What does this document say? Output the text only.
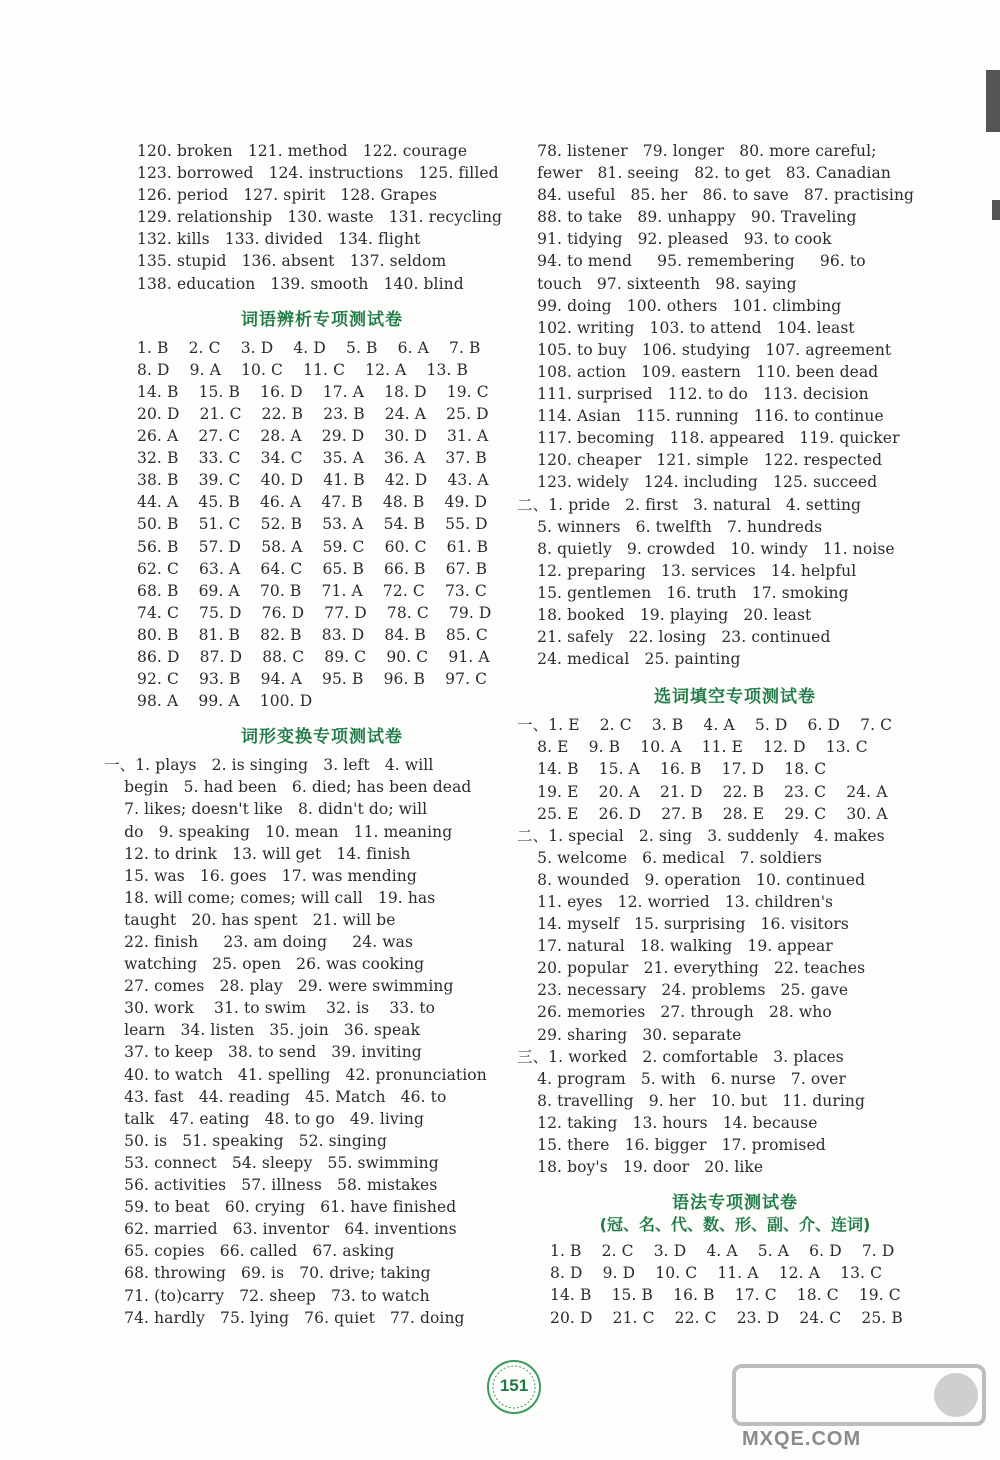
120. broken   121. method   122. courage
123. borrowed   124. instructions   125. filled
126. period   127. spirit   128. Grapes
129. relationship   130. waste   131. recycling
132. kills   133. divided   134. flight
135. stupid   136. absent   137. seldom
138. education   139. smooth   140. blind
词语辨析专项测试卷
1. B    2. C    3. D    4. D    5. B    6. A    7. B
8. D    9. A    10. C    11. C    12. A    13. B
14. B    15. B    16. D    17. A    18. D    19. C
20. D    21. C    22. B    23. B    24. A    25. D
26. A    27. C    28. A    29. D    30. D    31. A
32. B    33. C    34. C    35. A    36. A    37. B
38. B    39. C    40. D    41. B    42. D    43. A
44. A    45. B    46. A    47. B    48. B    49. D
50. B    51. C    52. B    53. A    54. B    55. D
56. B    57. D    58. A    59. C    60. C    61. B
62. C    63. A    64. C    65. B    66. B    67. B
68. B    69. A    70. B    71. A    72. C    73. C
74. C    75. D    76. D    77. D    78. C    79. D
80. B    81. B    82. B    83. D    84. B    85. C
86. D    87. D    88. C    89. C    90. C    91. A
92. C    93. B    94. A    95. B    96. B    97. C
98. A    99. A    100. D
词形变换专项测试卷
一、1. plays   2. is singing   3. left   4. will
begin   5. had been   6. died; has been dead
7. likes; doesn't like   8. didn't do; will
do   9. speaking   10. mean   11. meaning
12. to drink   13. will get   14. finish
15. was   16. goes   17. was mending
18. will come; comes; will call   19. has
taught   20. has spent   21. will be
22. finish     23. am doing     24. was
watching   25. open   26. was cooking
27. comes   28. play   29. were swimming
30. work    31. to swim    32. is    33. to
learn   34. listen   35. join   36. speak
37. to keep   38. to send   39. inviting
40. to watch   41. spelling   42. pronunciation
43. fast   44. reading   45. Match   46. to
talk   47. eating   48. to go   49. living
50. is   51. speaking   52. singing
53. connect   54. sleepy   55. swimming
56. activities   57. illness   58. mistakes
59. to beat   60. crying   61. have finished
62. married   63. inventor   64. inventions
65. copies   66. called   67. asking
68. throwing   69. is   70. drive; taking
71. (to)carry   72. sheep   73. to watch
74. hardly   75. lying   76. quiet   77. doing
78. listener   79. longer   80. more careful;
fewer   81. seeing   82. to get   83. Canadian
84. useful   85. her   86. to save   87. practising
88. to take   89. unhappy   90. Traveling
91. tidying   92. pleased   93. to cook
94. to mend     95. remembering     96. to
touch   97. sixteenth   98. saying
99. doing   100. others   101. climbing
102. writing   103. to attend   104. least
105. to buy   106. studying   107. agreement
108. action   109. eastern   110. been dead
111. surprised   112. to do   113. decision
114. Asian   115. running   116. to continue
117. becoming   118. appeared   119. quicker
120. cheaper   121. simple   122. respected
123. widely   124. including   125. succeed
二、1. pride   2. first   3. natural   4. setting
5. winners   6. twelfth   7. hundreds
8. quietly   9. crowded   10. windy   11. noise
12. preparing   13. services   14. helpful
15. gentlemen   16. truth   17. smoking
18. booked   19. playing   20. least
21. safely   22. losing   23. continued
24. medical   25. painting
选词填空专项测试卷
一、1. E    2. C    3. B    4. A    5. D    6. D    7. C
8. E    9. B    10. A    11. E    12. D    13. C
14. B    15. A    16. B    17. D    18. C
19. E    20. A    21. D    22. B    23. C    24. A
25. E    26. D    27. B    28. E    29. C    30. A
二、1. special   2. sing   3. suddenly   4. makes
5. welcome   6. medical   7. soldiers
8. wounded   9. operation   10. continued
11. eyes   12. worried   13. children's
14. myself   15. surprising   16. visitors
17. natural   18. walking   19. appear
20. popular   21. everything   22. teaches
23. necessary   24. problems   25. gave
26. memories   27. through   28. who
29. sharing   30. separate
三、1. worked   2. comfortable   3. places
4. program   5. with   6. nurse   7. over
8. travelling   9. her   10. but   11. during
12. taking   13. hours   14. because
15. there   16. bigger   17. promised
18. boy's   19. door   20. like
语法专项测试卷
(冠、名、代、数、形、副、介、连词)
1. B    2. C    3. D    4. A    5. A    6. D    7. D
8. D    9. D    10. C    11. A    12. A    13. C
14. B    15. B    16. B    17. C    18. C    19. C
20. D    21. C    22. C    23. D    24. C    25. B
151
MXQE.COM
